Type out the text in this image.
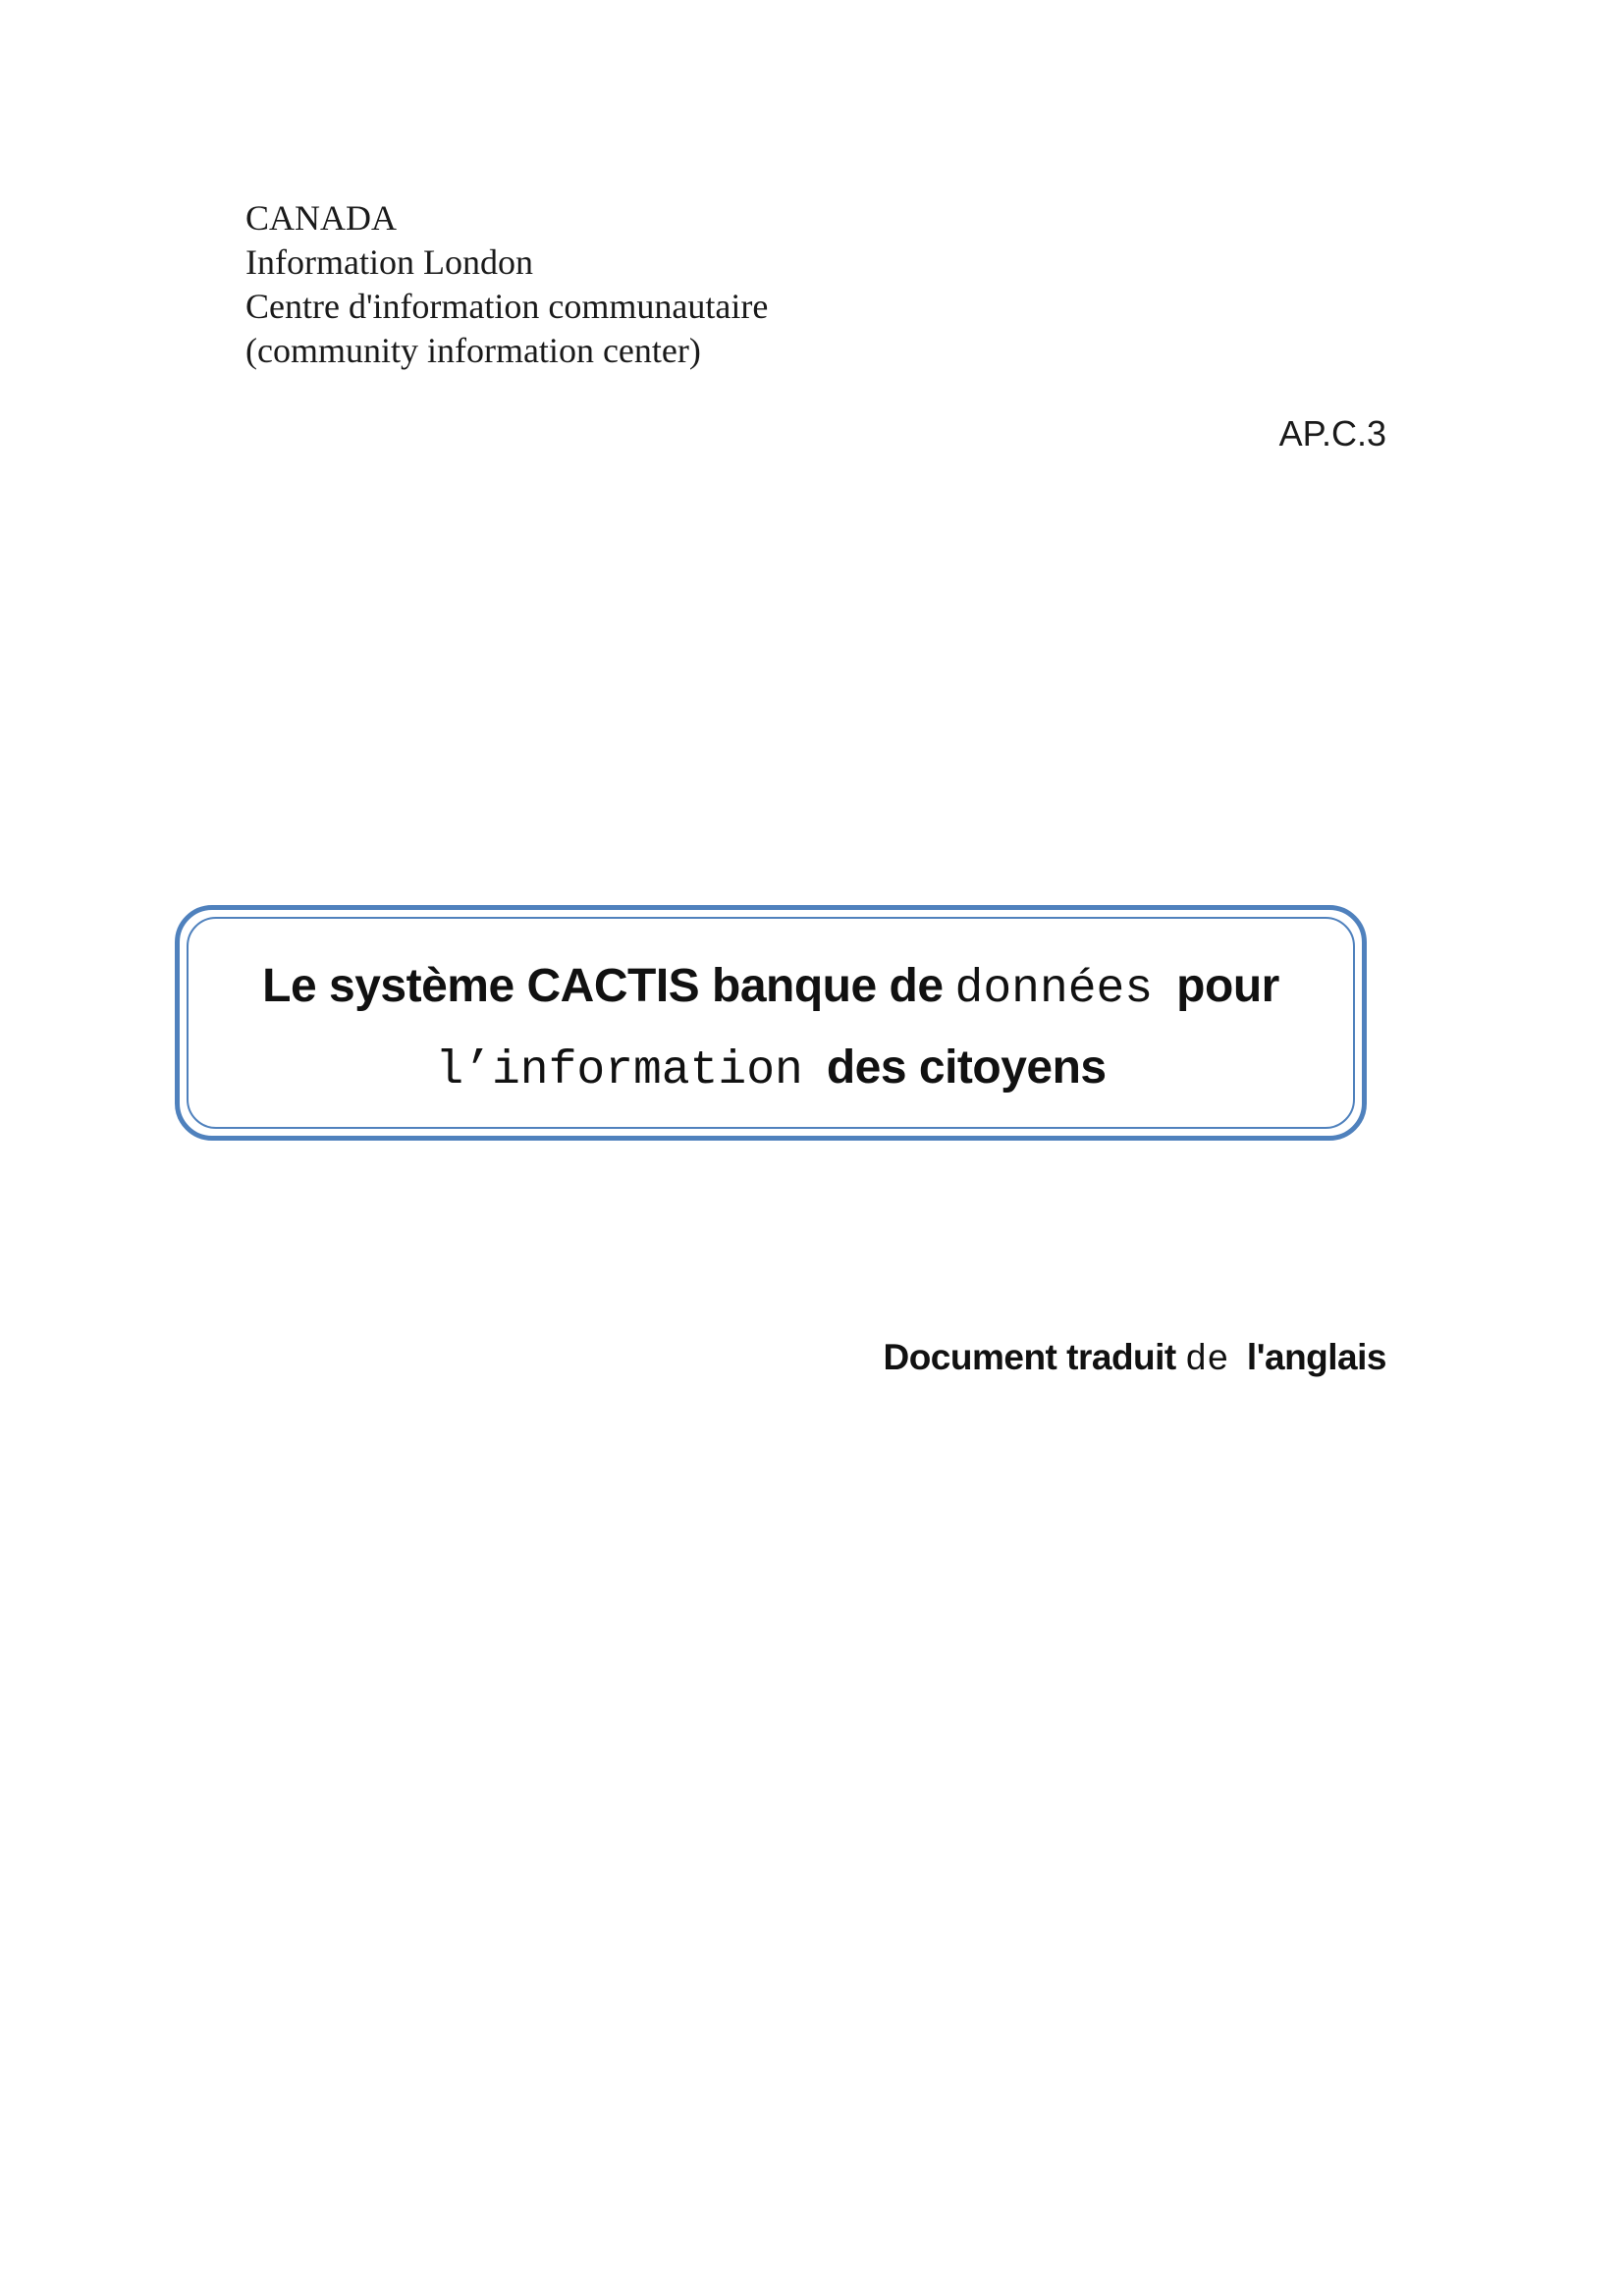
CANADA
Information London
Centre d'information communautaire
(community information center)
AP.C.3
Le système CACTIS banque de données pour
l’information des citoyens
Document traduit de l'anglais
